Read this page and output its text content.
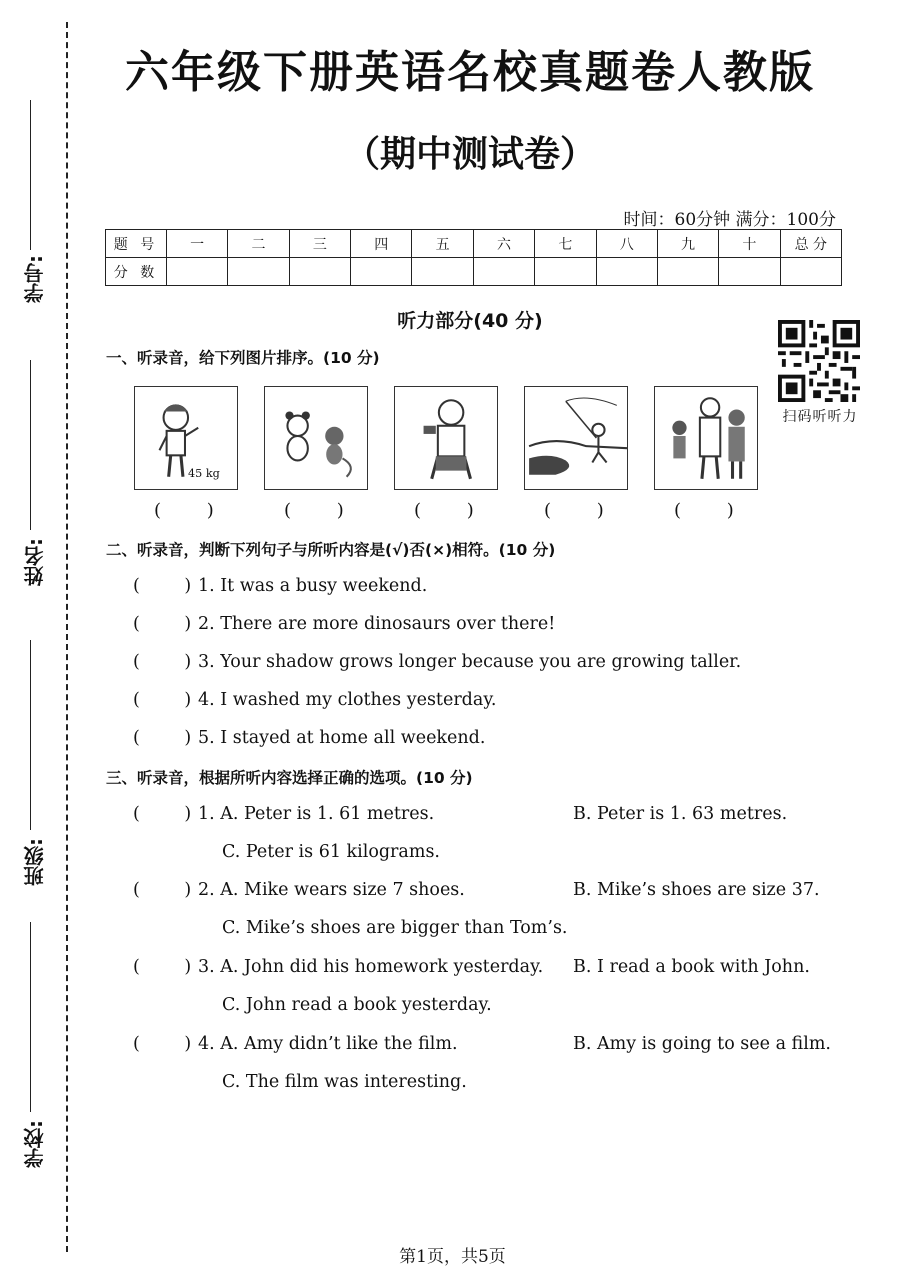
学号:
姓名:
班级:
学校:
六年级下册英语名校真题卷人教版
（期中测试卷）
时间：60分钟 满分：100分
题 号	一	二	三	四	五	六	七	八	九	十	总 分
分 数											
听力部分(40 分)
扫码听听力
一、听录音，给下列图片排序。(10 分)
45 kg
(        )	(        )	(        )	(        )	(        )
二、听录音，判断下列句子与所听内容是(√)否(×)相符。(10 分)
(        ) 1. It was a busy weekend.
(        ) 2. There are more dinosaurs over there!
(        ) 3. Your shadow grows longer because you are growing taller.
(        ) 4. I washed my clothes yesterday.
(        ) 5. I stayed at home all weekend.
三、听录音，根据所听内容选择正确的选项。(10 分)
(        ) 1. A. Peter is 1. 61 metres.	B. Peter is 1. 63 metres.
C. Peter is 61 kilograms.
(        ) 2. A. Mike wears size 7 shoes.	B. Mike’s shoes are size 37.
C. Mike’s shoes are bigger than Tom’s.
(        ) 3. A. John did his homework yesterday. B. I read a book with John.
C. John read a book yesterday.
(        ) 4. A. Amy didn’t like the film.	B. Amy is going to see a film.
C. The film was interesting.
第1页，共5页
